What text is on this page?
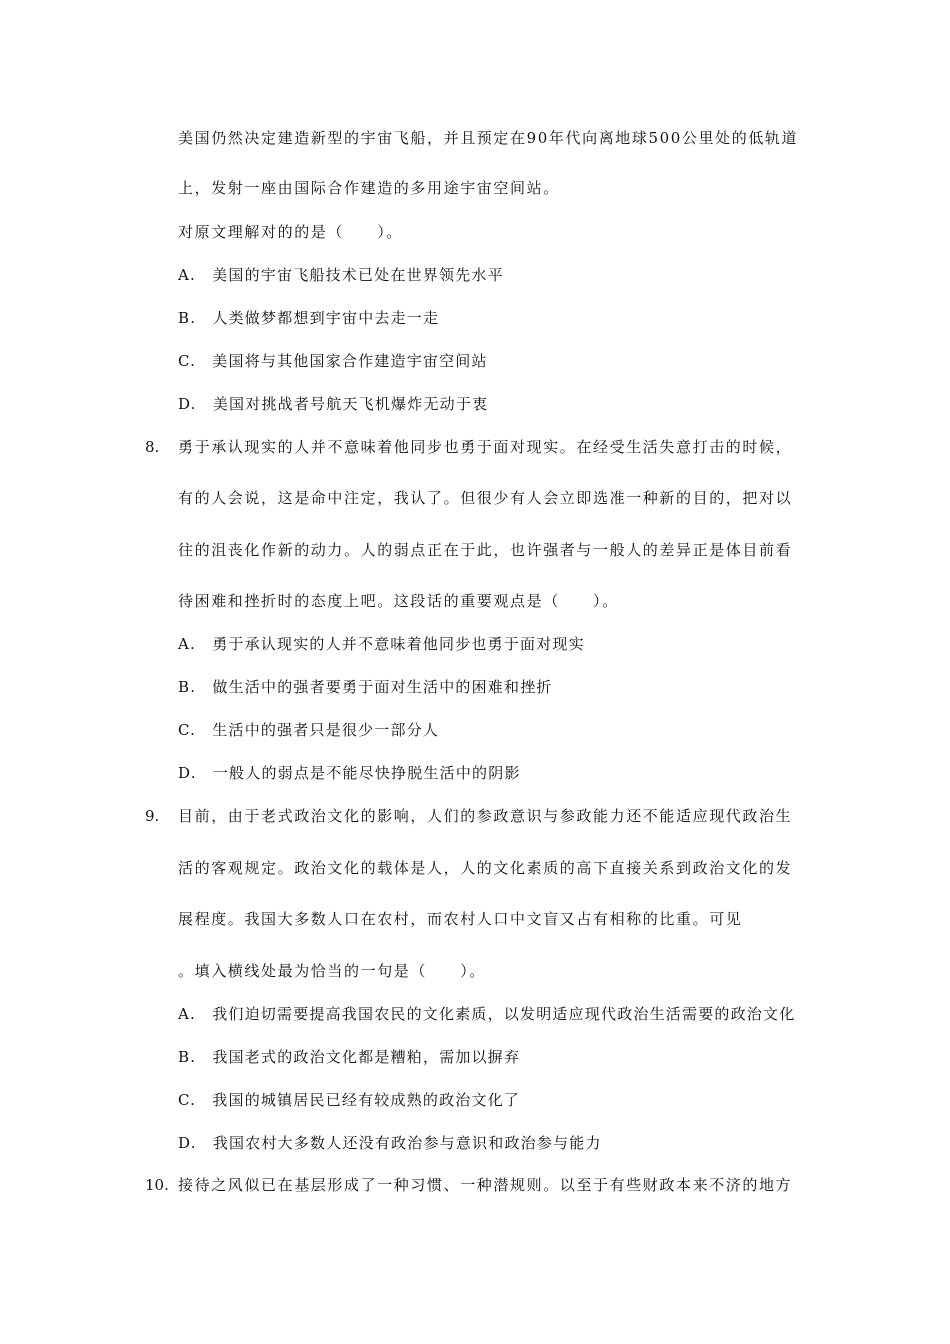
美国仍然决定建造新型的宇宙飞船，并且预定在90年代向离地球500公里处的低轨道
上，发射一座由国际合作建造的多用途宇宙空间站。
对原文理解对的的是（　　）。
A.　美国的宇宙飞船技术已处在世界领先水平
B.　人类做梦都想到宇宙中去走一走
C.　美国将与其他国家合作建造宇宙空间站
D.　美国对挑战者号航天飞机爆炸无动于衷
8. 勇于承认现实的人并不意味着他同步也勇于面对现实。在经受生活失意打击的时候，
有的人会说，这是命中注定，我认了。但很少有人会立即选准一种新的目的，把对以
往的沮丧化作新的动力。人的弱点正在于此，也许强者与一般人的差异正是体目前看
待困难和挫折时的态度上吧。这段话的重要观点是（　　）。
A.　勇于承认现实的人并不意味着他同步也勇于面对现实
B.　做生活中的强者要勇于面对生活中的困难和挫折
C.　生活中的强者只是很少一部分人
D.　一般人的弱点是不能尽快挣脱生活中的阴影
9. 目前，由于老式政治文化的影响，人们的参政意识与参政能力还不能适应现代政治生
活的客观规定。政治文化的载体是人，人的文化素质的高下直接关系到政治文化的发
展程度。我国大多数人口在农村，而农村人口中文盲又占有相称的比重。可见
。填入横线处最为恰当的一句是（　　）。
A.　我们迫切需要提高我国农民的文化素质，以发明适应现代政治生活需要的政治文化
B.　我国老式的政治文化都是糟粕，需加以摒弃
C.　我国的城镇居民已经有较成熟的政治文化了
D.　我国农村大多数人还没有政治参与意识和政治参与能力
10. 接待之风似已在基层形成了一种习惯、一种潜规则。以至于有些财政本来不济的地方
